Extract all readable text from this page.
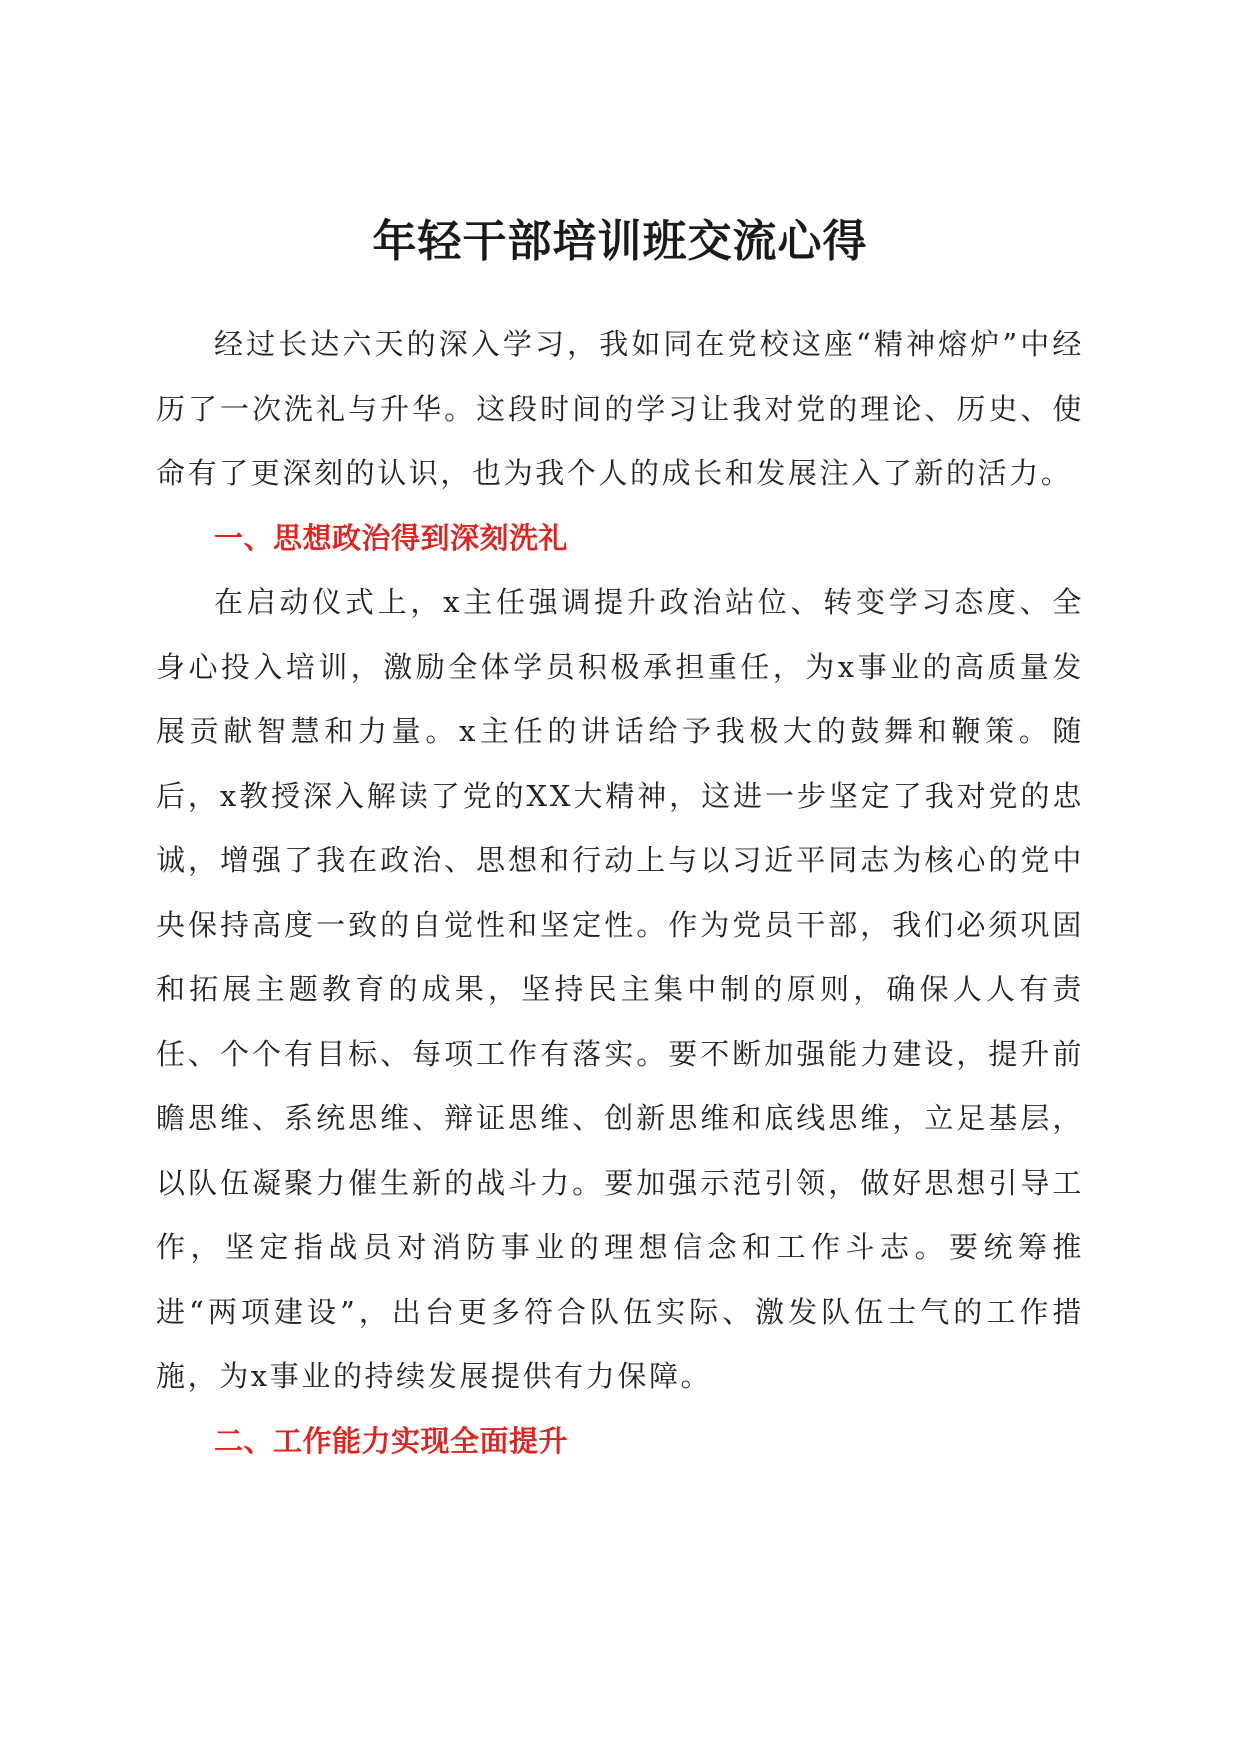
年轻干部培训班交流心得

经过长达六天的深入学习，我如同在党校这座“精神熔炉”中经历了一次洗礼与升华。这段时间的学习让我对党的理论、历史、使命有了更深刻的认识，也为我个人的成长和发展注入了新的活力。

一、思想政治得到深刻洗礼

在启动仪式上，x主任强调提升政治站位、转变学习态度、全身心投入培训，激励全体学员积极承担重任，为x事业的高质量发展贡献智慧和力量。x主任的讲话给予我极大的鼓舞和鞭策。随后，x教授深入解读了党的XX大精神，这进一步坚定了我对党的忠诚，增强了我在政治、思想和行动上与以习近平同志为核心的党中央保持高度一致的自觉性和坚定性。作为党员干部，我们必须巩固和拓展主题教育的成果，坚持民主集中制的原则，确保人人有责任、个个有目标、每项工作有落实。要不断加强能力建设，提升前瞻思维、系统思维、辩证思维、创新思维和底线思维，立足基层，以队伍凝聚力催生新的战斗力。要加强示范引领，做好思想引导工作，坚定指战员对消防事业的理想信念和工作斗志。要统筹推进“两项建设”，出台更多符合队伍实际、激发队伍士气的工作措施，为x事业的持续发展提供有力保障。

二、工作能力实现全面提升
